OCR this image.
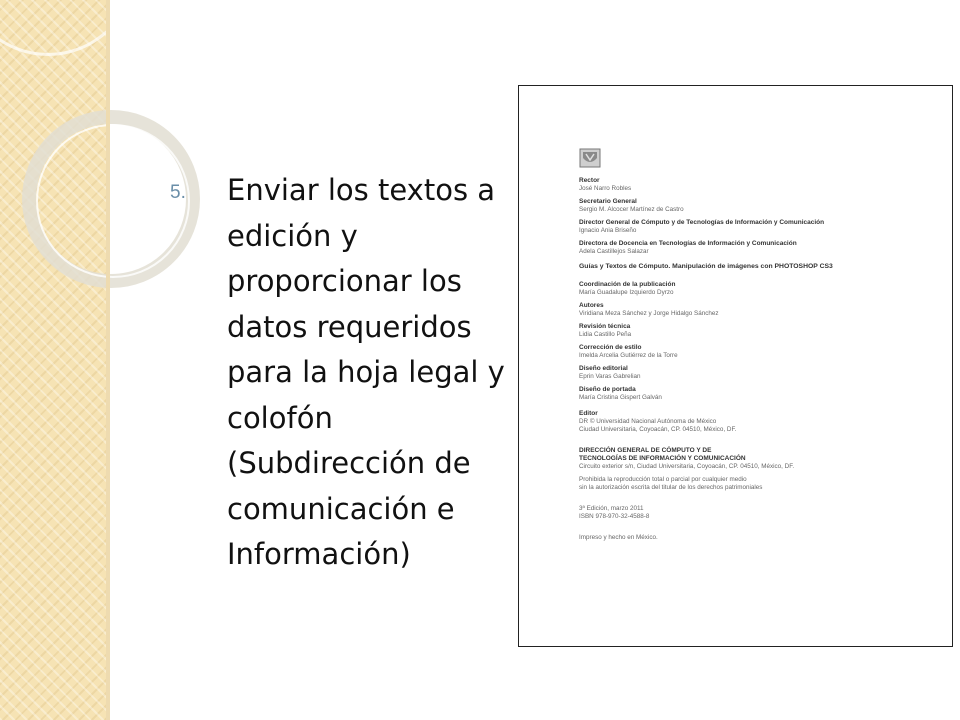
5. Enviar los textos a
edición y
proporcionar los
datos requeridos
para la hoja legal y
colofón
(Subdirección de
comunicación e
Información)
Rector
José Narro Robles
Secretario General
Sergio M. Alcocer Martínez de Castro
Director General de Cómputo y de Tecnologías de Información y Comunicación
Ignacio Ania Briseño
Directora de Docencia en Tecnologías de Información y Comunicación
Adela Castillejos Salazar
Guías y Textos de Cómputo. Manipulación de imágenes con PHOTOSHOP CS3
Coordinación de la publicación
María Guadalupe Izquierdo Dyrzo
Autores
Viridiana Meza Sánchez y Jorge Hidalgo Sánchez
Revisión técnica
Lidia Castillo Peña
Corrección de estilo
Imelda Arcelia Gutiérrez de la Torre
Diseño editorial
Eprin Varas Gabrelian
Diseño de portada
María Cristina Gispert Galván
Editor
DR © Universidad Nacional Autónoma de México
Ciudad Universitaria, Coyoacán, CP. 04510, México, DF.
DIRECCIÓN GENERAL DE CÓMPUTO Y DE
TECNOLOGÍAS DE INFORMACIÓN Y COMUNICACIÓN
Circuito exterior s/n, Ciudad Universitaria, Coyoacán, CP. 04510, México, DF.
Prohibida la reproducción total o parcial por cualquier medio
sin la autorización escrita del titular de los derechos patrimoniales
3ª Edición, marzo 2011
ISBN 978-970-32-4588-8
Impreso y hecho en México.
